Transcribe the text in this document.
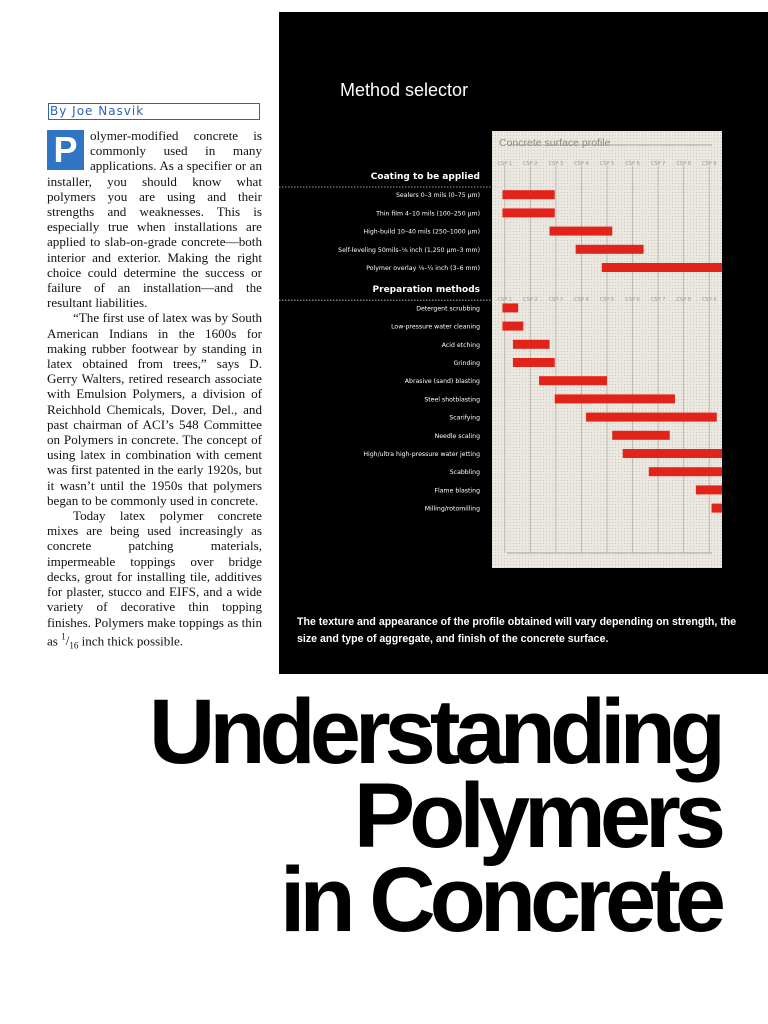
By Joe Nasvik

P olymer-modified concrete is commonly used in many applications. As a specifier or an installer, you should know what polymers you are using and their strengths and weaknesses. This is especially true when installations are applied to slab-on-grade concrete—both interior and exterior. Making the right choice could determine the success or failure of an installation—and the resultant liabilities.

“The first use of latex was by South American Indians in the 1600s for making rubber footwear by standing in latex obtained from trees,” says D. Gerry Walters, retired research associate with Emulsion Polymers, a division of Reichhold Chemicals, Dover, Del., and past chairman of ACI’s 548 Committee on Polymers in concrete. The concept of using latex in combination with cement was first patented in the early 1920s, but it wasn’t until the 1950s that polymers began to be commonly used in concrete.

Today latex polymer concrete mixes are being used increasingly as concrete patching materials, impermeable toppings over bridge decks, grout for installing tile, additives for plaster, stucco and EIFS, and a wide variety of decorative thin topping finishes. Polymers make toppings as thin as $^1/_{16}$ inch thick possible.

Method selector
Concrete surface profile
CSP 1
CSP 1
CSP 2
CSP 2
CSP 3
CSP 3
CSP 4
CSP 4
CSP 5
CSP 5
CSP 6
CSP 6
CSP 7
CSP 7
CSP 8
CSP 8
CSP 9
CSP 9
Coating to be applied
Sealers 0–3 mils (0–75 µm)
Thin film 4–10 mils (100–250 µm)
High-build 10–40 mils (250–1000 µm)
Self-leveling 50mils–⅛ inch (1,250 µm–3 mm)
Polymer overlay ⅛–¼ inch (3–6 mm)
Preparation methods
Detergent scrubbing
Low-pressure water cleaning
Acid etching
Grinding
Abrasive (sand) blasting
Steel shotblasting
Scarifying
Needle scaling
High/ultra high-pressure water jetting
Scabbling
Flame blasting
Milling/rotomilling
The texture and appearance of the profile obtained will vary depending on strength, the size and type of aggregate, and finish of the concrete surface.
Understanding
Polymers
in Concrete
